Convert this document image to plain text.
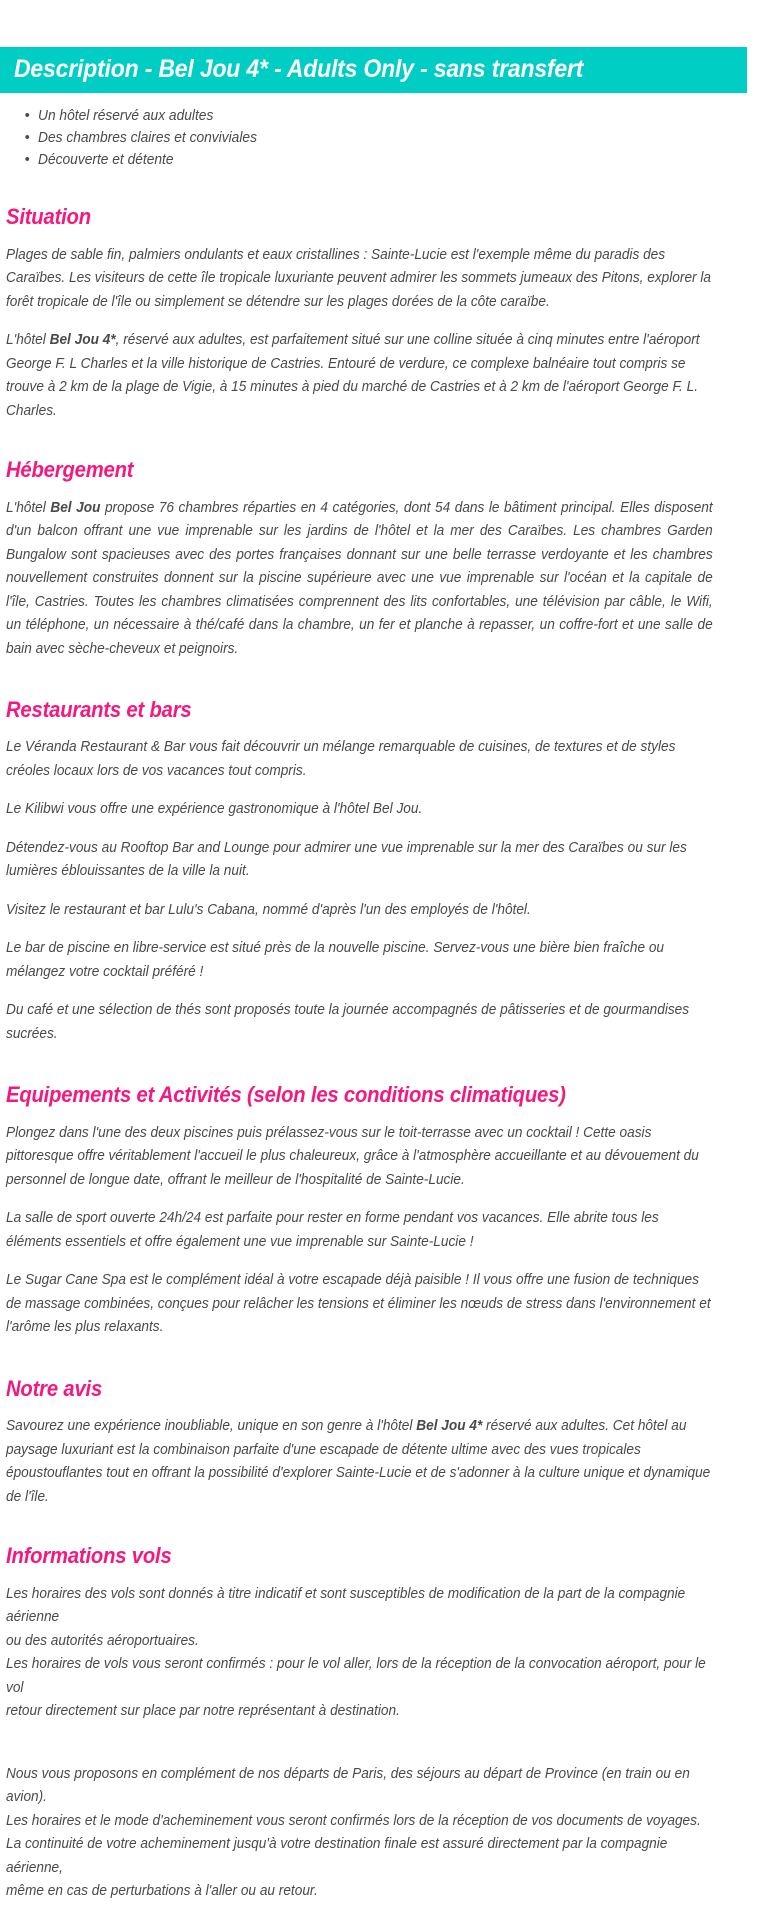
Description - Bel Jou 4* - Adults Only - sans transfert
• Un hôtel réservé aux adultes
• Des chambres claires et conviviales
• Découverte et détente
Situation

Plages de sable fin, palmiers ondulants et eaux cristallines : Sainte-Lucie est l'exemple même du paradis des Caraïbes. Les visiteurs de cette île tropicale luxuriante peuvent admirer les sommets jumeaux des Pitons, explorer la forêt tropicale de l'île ou simplement se détendre sur les plages dorées de la côte caraïbe.

L'hôtel Bel Jou 4*, réservé aux adultes, est parfaitement situé sur une colline située à cinq minutes entre l'aéroport George F. L Charles et la ville historique de Castries. Entouré de verdure, ce complexe balnéaire tout compris se trouve à 2 km de la plage de Vigie, à 15 minutes à pied du marché de Castries et à 2 km de l'aéroport George F. L. Charles.

Hébergement

L'hôtel Bel Jou propose 76 chambres réparties en 4 catégories, dont 54 dans le bâtiment principal. Elles disposent d'un balcon offrant une vue imprenable sur les jardins de l'hôtel et la mer des Caraïbes. Les chambres Garden Bungalow sont spacieuses avec des portes françaises donnant sur une belle terrasse verdoyante et les chambres nouvellement construites donnent sur la piscine supérieure avec une vue imprenable sur l'océan et la capitale de l'île, Castries. Toutes les chambres climatisées comprennent des lits confortables, une télévision par câble, le Wifi, un téléphone, un nécessaire à thé/café dans la chambre, un fer et planche à repasser, un coffre-fort et une salle de bain avec sèche-cheveux et peignoirs.

Restaurants et bars

Le Véranda Restaurant & Bar vous fait découvrir un mélange remarquable de cuisines, de textures et de styles créoles locaux lors de vos vacances tout compris.

Le Kilibwi vous offre une expérience gastronomique à l'hôtel Bel Jou.

Détendez-vous au Rooftop Bar and Lounge pour admirer une vue imprenable sur la mer des Caraïbes ou sur les lumières éblouissantes de la ville la nuit.

Visitez le restaurant et bar Lulu's Cabana, nommé d'après l'un des employés de l'hôtel.

Le bar de piscine en libre-service est situé près de la nouvelle piscine. Servez-vous une bière bien fraîche ou mélangez votre cocktail préféré !

Du café et une sélection de thés sont proposés toute la journée accompagnés de pâtisseries et de gourmandises sucrées.

Equipements et Activités (selon les conditions climatiques)

Plongez dans l'une des deux piscines puis prélassez-vous sur le toit-terrasse avec un cocktail ! Cette oasis pittoresque offre véritablement l'accueil le plus chaleureux, grâce à l'atmosphère accueillante et au dévouement du personnel de longue date, offrant le meilleur de l'hospitalité de Sainte-Lucie.

La salle de sport ouverte 24h/24 est parfaite pour rester en forme pendant vos vacances. Elle abrite tous les éléments essentiels et offre également une vue imprenable sur Sainte-Lucie !

Le Sugar Cane Spa est le complément idéal à votre escapade déjà paisible ! Il vous offre une fusion de techniques de massage combinées, conçues pour relâcher les tensions et éliminer les nœuds de stress dans l'environnement et l'arôme les plus relaxants.

Notre avis

Savourez une expérience inoubliable, unique en son genre à l'hôtel Bel Jou 4* réservé aux adultes. Cet hôtel au paysage luxuriant est la combinaison parfaite d'une escapade de détente ultime avec des vues tropicales époustouflantes tout en offrant la possibilité d'explorer Sainte-Lucie et de s'adonner à la culture unique et dynamique de l'île.

Informations vols
Les horaires des vols sont donnés à titre indicatif et sont susceptibles de modification de la part de la compagnie aérienne
ou des autorités aéroportuaires.
Les horaires de vols vous seront confirmés : pour le vol aller, lors de la réception de la convocation aéroport, pour le vol
retour directement sur place par notre représentant à destination.
Nous vous proposons en complément de nos départs de Paris, des séjours au départ de Province (en train ou en avion).
Les horaires et le mode d'acheminement vous seront confirmés lors de la réception de vos documents de voyages.
La continuité de votre acheminement jusqu'à votre destination finale est assuré directement par la compagnie aérienne,
même en cas de perturbations à l'aller ou au retour.
